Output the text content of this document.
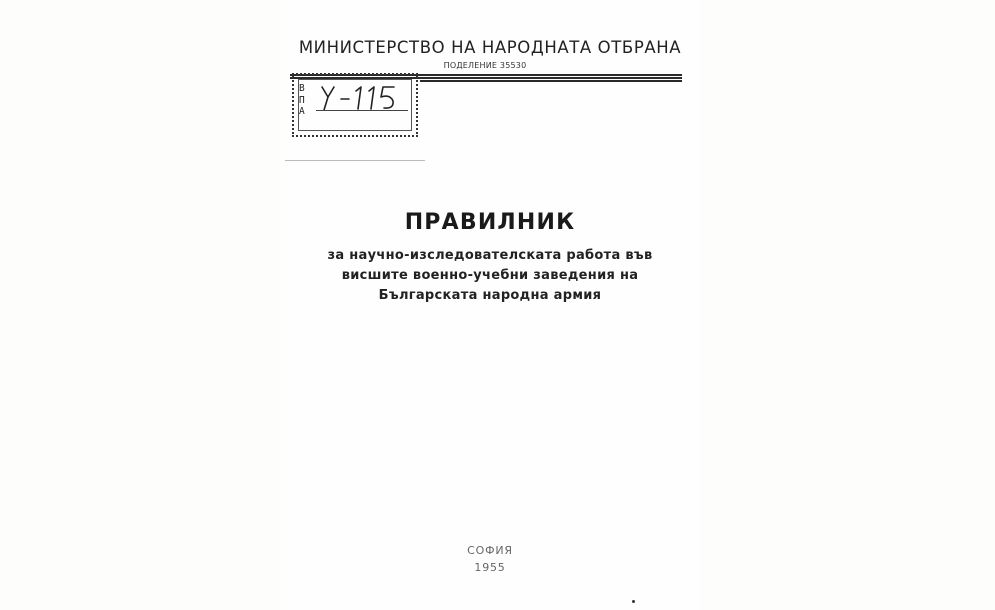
МИНИСТЕРСТВО НА НАРОДНАТА ОТБРАНА
ПОДЕЛЕНИЕ 35530
В
П
А
ПРАВИЛНИК
за научно-изследователската работа във
висшите военно-учебни заведения на
Българската народна армия
СОФИЯ
1955
